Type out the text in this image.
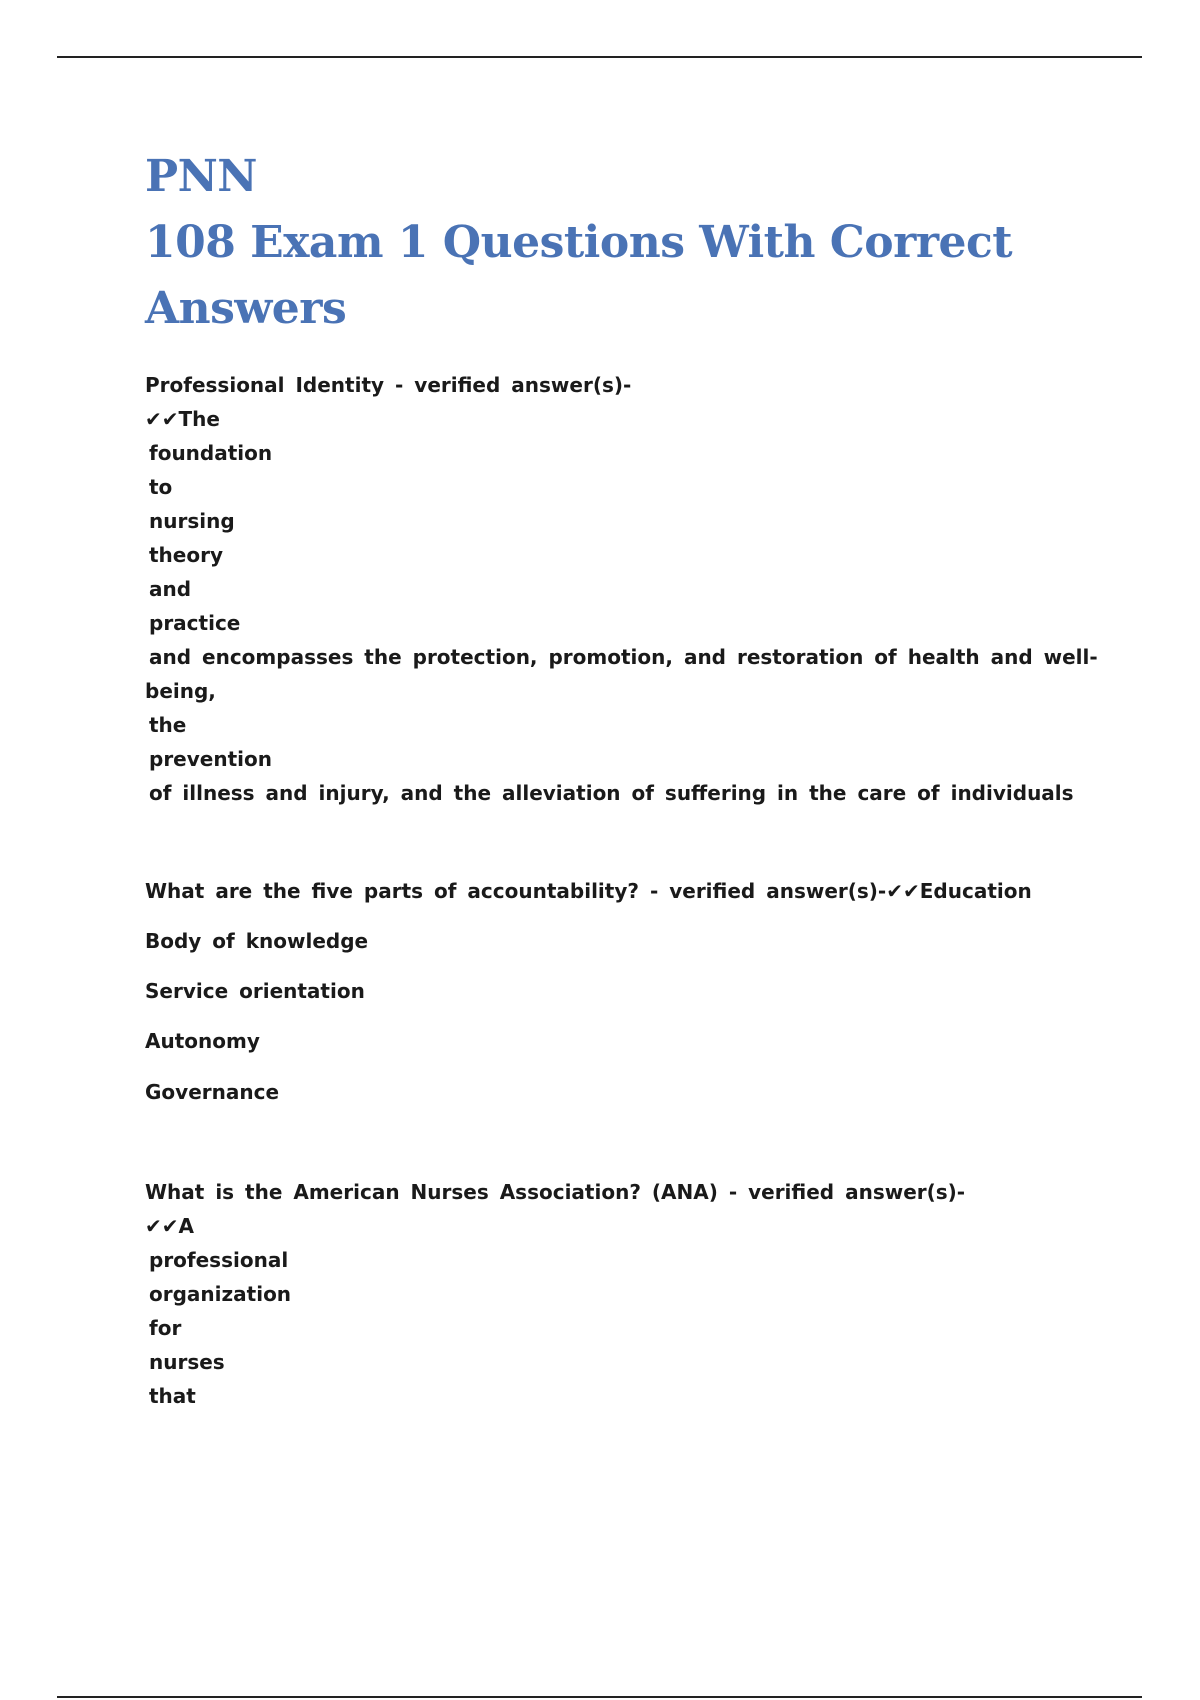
PNN
108 Exam 1 Questions With Correct Answers
Professional Identity - verified answer(s)-
✔✔The
foundation
to
nursing
theory
and
practice
and encompasses the protection, promotion, and restoration of health and well-
being,
the
prevention
of illness and injury, and the alleviation of suffering in the care of individuals
What are the five parts of accountability? - verified answer(s)-✔✔Education
Body of knowledge
Service orientation
Autonomy
Governance
What is the American Nurses Association? (ANA) - verified answer(s)-
✔✔A
professional
organization
for
nurses
that
